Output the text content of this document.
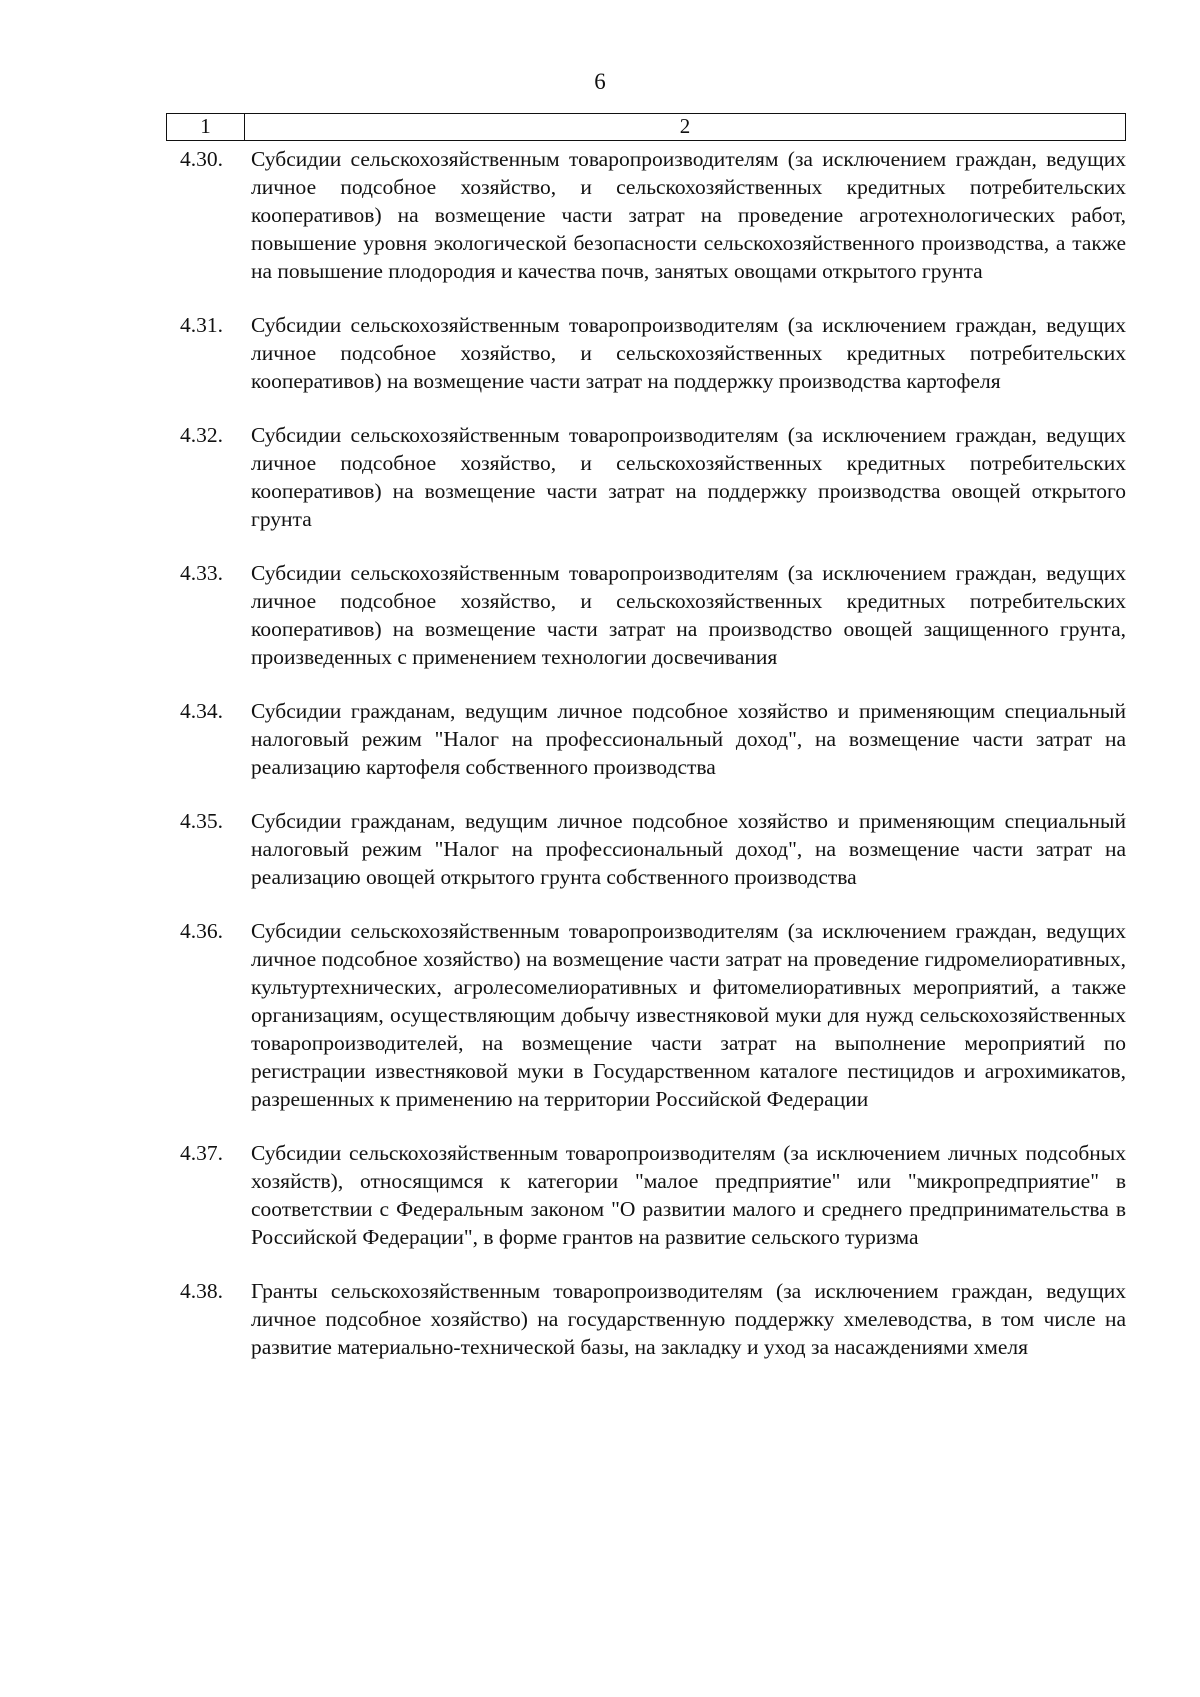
6
1	2
4.30.	Субсидии сельскохозяйственным товаропроизводителям (за исключением граждан, ведущих личное подсобное хозяйство, и сельскохозяйственных кредитных потребительских кооперативов) на возмещение части затрат на проведение агротехнологических работ, повышение уровня экологической безопасности сельскохозяйственного производства, а также на повышение плодородия и качества почв, занятых овощами открытого грунта
4.31.	Субсидии сельскохозяйственным товаропроизводителям (за исключением граждан, ведущих личное подсобное хозяйство, и сельскохозяйственных кредитных потребительских кооперативов) на возмещение части затрат на поддержку производства картофеля
4.32.	Субсидии сельскохозяйственным товаропроизводителям (за исключением граждан, ведущих личное подсобное хозяйство, и сельскохозяйственных кредитных потребительских кооперативов) на возмещение части затрат на поддержку производства овощей открытого грунта
4.33.	Субсидии сельскохозяйственным товаропроизводителям (за исключением граждан, ведущих личное подсобное хозяйство, и сельскохозяйственных кредитных потребительских кооперативов) на возмещение части затрат на производство овощей защищенного грунта, произведенных с применением технологии досвечивания
4.34.	Субсидии гражданам, ведущим личное подсобное хозяйство и применяющим специальный налоговый режим "Налог на профессиональный доход", на возмещение части затрат на реализацию картофеля собственного производства
4.35.	Субсидии гражданам, ведущим личное подсобное хозяйство и применяющим специальный налоговый режим "Налог на профессиональный доход", на возмещение части затрат на реализацию овощей открытого грунта собственного производства
4.36.	Субсидии сельскохозяйственным товаропроизводителям (за исключением граждан, ведущих личное подсобное хозяйство) на возмещение части затрат на проведение гидромелиоративных, культуртехнических, агролесомелиоративных и фитомелиоративных мероприятий, а также организациям, осуществляющим добычу известняковой муки для нужд сельскохозяйственных товаропроизводителей, на возмещение части затрат на выполнение мероприятий по регистрации известняковой муки в Государственном каталоге пестицидов и агрохимикатов, разрешенных к применению на территории Российской Федерации
4.37.	Субсидии сельскохозяйственным товаропроизводителям (за исключением личных подсобных хозяйств), относящимся к категории "малое предприятие" или "микропредприятие" в соответствии с Федеральным законом "О развитии малого и среднего предпринимательства в Российской Федерации", в форме грантов на развитие сельского туризма
4.38.	Гранты сельскохозяйственным товаропроизводителям (за исключением граждан, ведущих личное подсобное хозяйство) на государственную поддержку хмелеводства, в том числе на развитие материально-технической базы, на закладку и уход за насаждениями хмеля
